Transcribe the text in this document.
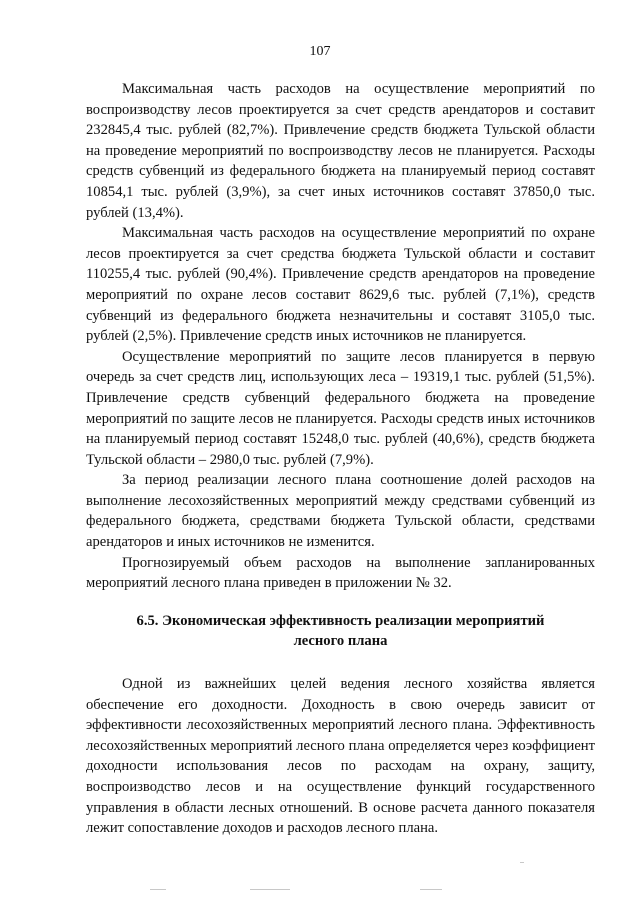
107

Максимальная часть расходов на осуществление мероприятий по воспроизводству лесов проектируется за счет средств арендаторов и составит 232845,4 тыс. рублей (82,7%). Привлечение средств бюджета Тульской области на проведение мероприятий по воспроизводству лесов не планируется. Расходы средств субвенций из федерального бюджета на планируемый период составят 10854,1 тыс. рублей (3,9%), за счет иных источников составят 37850,0 тыс. рублей (13,4%).

Максимальная часть расходов на осуществление мероприятий по охране лесов проектируется за счет средства бюджета Тульской области и составит 110255,4 тыс. рублей (90,4%). Привлечение средств арендаторов на проведение мероприятий по охране лесов составит 8629,6 тыс. рублей (7,1%), средств субвенций из федерального бюджета незначительны и составят 3105,0 тыс. рублей (2,5%). Привлечение средств иных источников не планируется.

Осуществление мероприятий по защите лесов планируется в первую очередь за счет средств лиц, использующих леса – 19319,1 тыс. рублей (51,5%). Привлечение средств субвенций федерального бюджета на проведение мероприятий по защите лесов не планируется. Расходы средств иных источников на планируемый период составят 15248,0 тыс. рублей (40,6%), средств бюджета Тульской области – 2980,0 тыс. рублей (7,9%).

За период реализации лесного плана соотношение долей расходов на выполнение лесохозяйственных мероприятий между средствами субвенций из федерального бюджета, средствами бюджета Тульской области, средствами арендаторов и иных источников не изменится.

Прогнозируемый объем расходов на выполнение запланированных мероприятий лесного плана приведен в приложении № 32.

6.5. Экономическая эффективность реализации мероприятий
лесного плана

Одной из важнейших целей ведения лесного хозяйства является обеспечение его доходности. Доходность в свою очередь зависит от эффективности лесохозяйственных мероприятий лесного плана. Эффективность лесохозяйственных мероприятий лесного плана определяется через коэффициент доходности использования лесов по расходам на охрану, защиту, воспроизводство лесов и на осуществление функций государственного управления в области лесных отношений. В основе расчета данного показателя лежит сопоставление доходов и расходов лесного плана.
